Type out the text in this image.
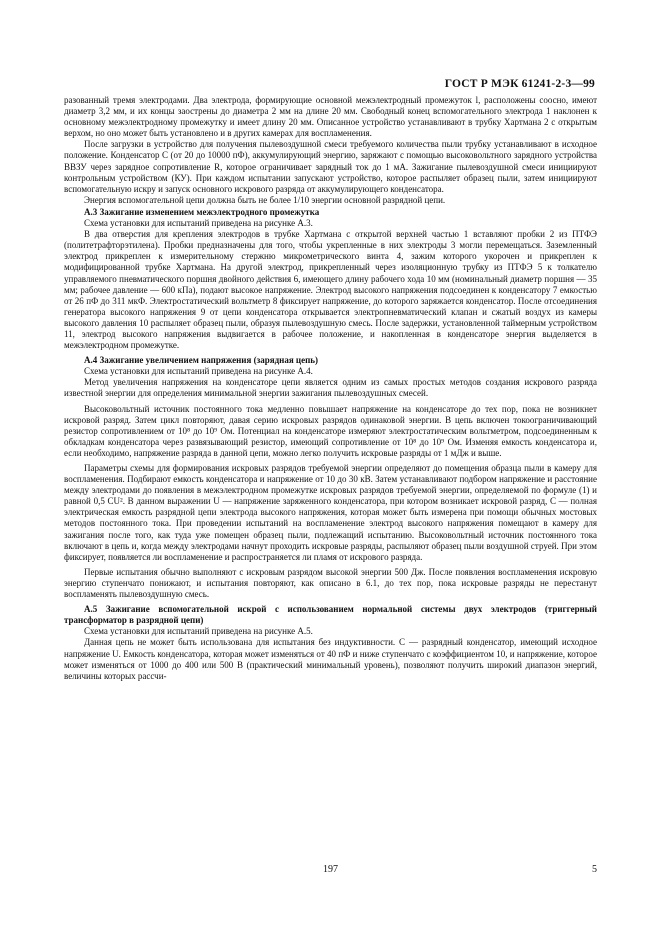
ГОСТ Р МЭК 61241-2-3—99

разованный тремя электродами. Два электрода, формирующие основной межэлектродный промежуток l, расположены соосно, имеют диаметр 3,2 мм, и их концы заострены до диаметра 2 мм на длине 20 мм. Свободный конец вспомогательного электрода 1 наклонен к основному межэлектродному промежутку и имеет длину 20 мм. Описанное устройство устанавливают в трубку Хартмана 2 с открытым верхом, но оно может быть установлено и в других камерах для воспламенения.

После загрузки в устройство для получения пылевоздушной смеси требуемого количества пыли трубку устанавливают в исходное положение. Конденсатор C (от 20 до 10000 пФ), аккумулирующий энергию, заряжают с помощью высоковольтного зарядного устройства ВВЗУ через зарядное сопротивление R, которое ограничивает зарядный ток до 1 мА. Зажигание пылевоздушной смеси инициируют контрольным устройством (КУ). При каждом испытании запускают устройство, которое распыляет образец пыли, затем инициируют вспомогательную искру и запуск основного искрового разряда от аккумулирующего конденсатора.

Энергия вспомогательной цепи должна быть не более 1/10 энергии основной разрядной цепи.

А.3 Зажигание изменением межэлектродного промежутка

Схема установки для испытаний приведена на рисунке А.3.

В два отверстия для крепления электродов в трубке Хартмана с открытой верхней частью 1 вставляют пробки 2 из ПТФЭ (политетрафторэтилена). Пробки предназначены для того, чтобы укрепленные в них электроды 3 могли перемещаться. Заземленный электрод прикреплен к измерительному стержню микрометрического винта 4, зажим которого укорочен и прикреплен к модифицированной трубке Хартмана. На другой электрод, прикрепленный через изоляционную трубку из ПТФЭ 5 к толкателю управляемого пневматического поршня двойного действия 6, имеющего длину рабочего хода 10 мм (номинальный диаметр поршня — 35 мм; рабочее давление — 600 кПа), подают высокое напряжение. Электрод высокого напряжения подсоединен к конденсатору 7 емкостью от 26 пФ до 311 мкФ. Электростатический вольтметр 8 фиксирует напряжение, до которого заряжается конденсатор. После отсоединения генератора высокого напряжения 9 от цепи конденсатора открывается электропневматический клапан и сжатый воздух из камеры высокого давления 10 распыляет образец пыли, образуя пылевоздушную смесь. После задержки, установленной таймерным устройством 11, электрод высокого напряжения выдвигается в рабочее положение, и накопленная в конденсаторе энергия выделяется в межэлектродном промежутке.

А.4 Зажигание увеличением напряжения (зарядная цепь)

Схема установки для испытаний приведена на рисунке А.4.

Метод увеличения напряжения на конденсаторе цепи является одним из самых простых методов создания искрового разряда известной энергии для определения минимальной энергии зажигания пылевоздушных смесей.

Высоковольтный источник постоянного тока медленно повышает напряжение на конденсаторе до тех пор, пока не возникнет искровой разряд. Затем цикл повторяют, давая серию искровых разрядов одинаковой энергии. В цепь включен токоограничивающий резистор сопротивлением от 10⁸ до 10⁹ Ом. Потенциал на конденсаторе измеряют электростатическим вольтметром, подсоединенным к обкладкам конденсатора через развязывающий резистор, имеющий сопротивление от 10⁸ до 10⁹ Ом. Изменяя емкость конденсатора и, если необходимо, напряжение разряда в данной цепи, можно легко получить искровые разряды от 1 мДж и выше.

Параметры схемы для формирования искровых разрядов требуемой энергии определяют до помещения образца пыли в камеру для воспламенения. Подбирают емкость конденсатора и напряжение от 10 до 30 кВ. Затем устанавливают подбором напряжение и расстояние между электродами до появления в межэлектродном промежутке искровых разрядов требуемой энергии, определяемой по формуле (1) и равной 0,5 CU². В данном выражении U — напряжение заряженного конденсатора, при котором возникает искровой разряд, C — полная электрическая емкость разрядной цепи электрода высокого напряжения, которая может быть измерена при помощи обычных мостовых методов постоянного тока. При проведении испытаний на воспламенение электрод высокого напряжения помещают в камеру для зажигания после того, как туда уже помещен образец пыли, подлежащий испытанию. Высоковольтный источник постоянного тока включают в цепь и, когда между электродами начнут проходить искровые разряды, распыляют образец пыли воздушной струей. При этом фиксирует, появляется ли воспламенение и распространяется ли пламя от искрового разряда.

Первые испытания обычно выполняют с искровым разрядом высокой энергии 500 Дж. После появления воспламенения искровую энергию ступенчато понижают, и испытания повторяют, как описано в 6.1, до тех пор, пока искровые разряды не перестанут воспламенять пылевоздушную смесь.

А.5 Зажигание вспомогательной искрой с использованием нормальной системы двух электродов (триггерный трансформатор в разрядной цепи)

Схема установки для испытаний приведена на рисунке А.5.

Данная цепь не может быть использована для испытания без индуктивности. C — разрядный конденсатор, имеющий исходное напряжение U. Емкость конденсатора, которая может изменяться от 40 пФ и ниже ступенчато с коэффициентом 10, и напряжение, которое может изменяться от 1000 до 400 или 500 В (практический минимальный уровень), позволяют получить широкий диапазон энергий, величины которых рассчи-

197	5
